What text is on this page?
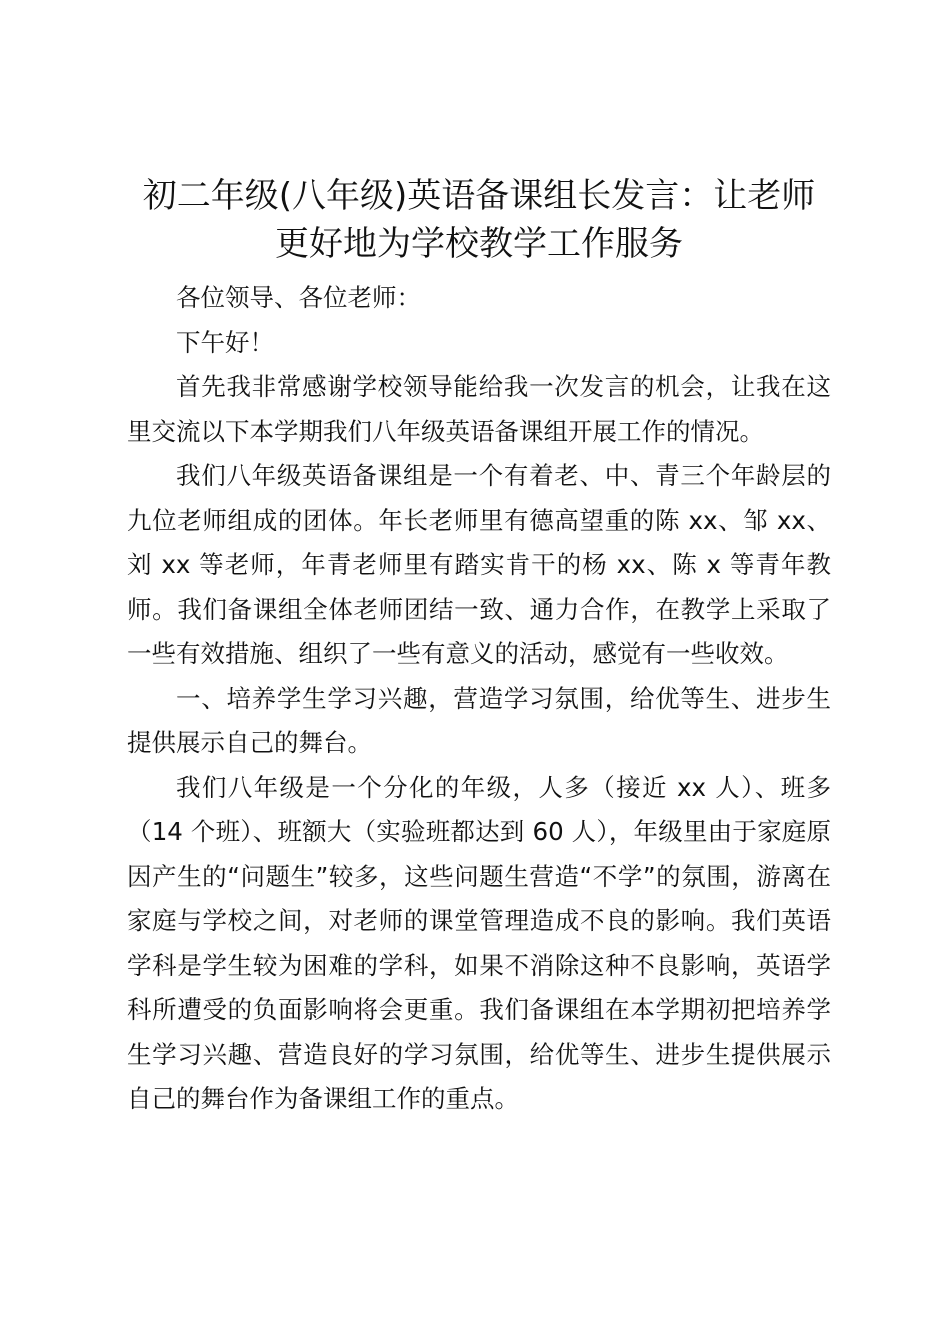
初二年级(八年级)英语备课组长发言：让老师
更好地为学校教学工作服务

各位领导、各位老师：

下午好！

首先我非常感谢学校领导能给我一次发言的机会，让我在这里交流以下本学期我们八年级英语备课组开展工作的情况。

我们八年级英语备课组是一个有着老、中、青三个年龄层的九位老师组成的团体。年长老师里有德高望重的陈 xx、邹 xx、刘 xx 等老师，年青老师里有踏实肯干的杨 xx、陈 x 等青年教师。我们备课组全体老师团结一致、通力合作，在教学上采取了一些有效措施、组织了一些有意义的活动，感觉有一些收效。

一、培养学生学习兴趣，营造学习氛围，给优等生、进步生提供展示自己的舞台。

我们八年级是一个分化的年级，人多（接近 xx 人）、班多（14 个班）、班额大（实验班都达到 60 人），年级里由于家庭原因产生的“问题生”较多，这些问题生营造“不学”的氛围，游离在家庭与学校之间，对老师的课堂管理造成不良的影响。我们英语学科是学生较为困难的学科，如果不消除这种不良影响，英语学科所遭受的负面影响将会更重。我们备课组在本学期初把培养学生学习兴趣、营造良好的学习氛围，给优等生、进步生提供展示自己的舞台作为备课组工作的重点。
